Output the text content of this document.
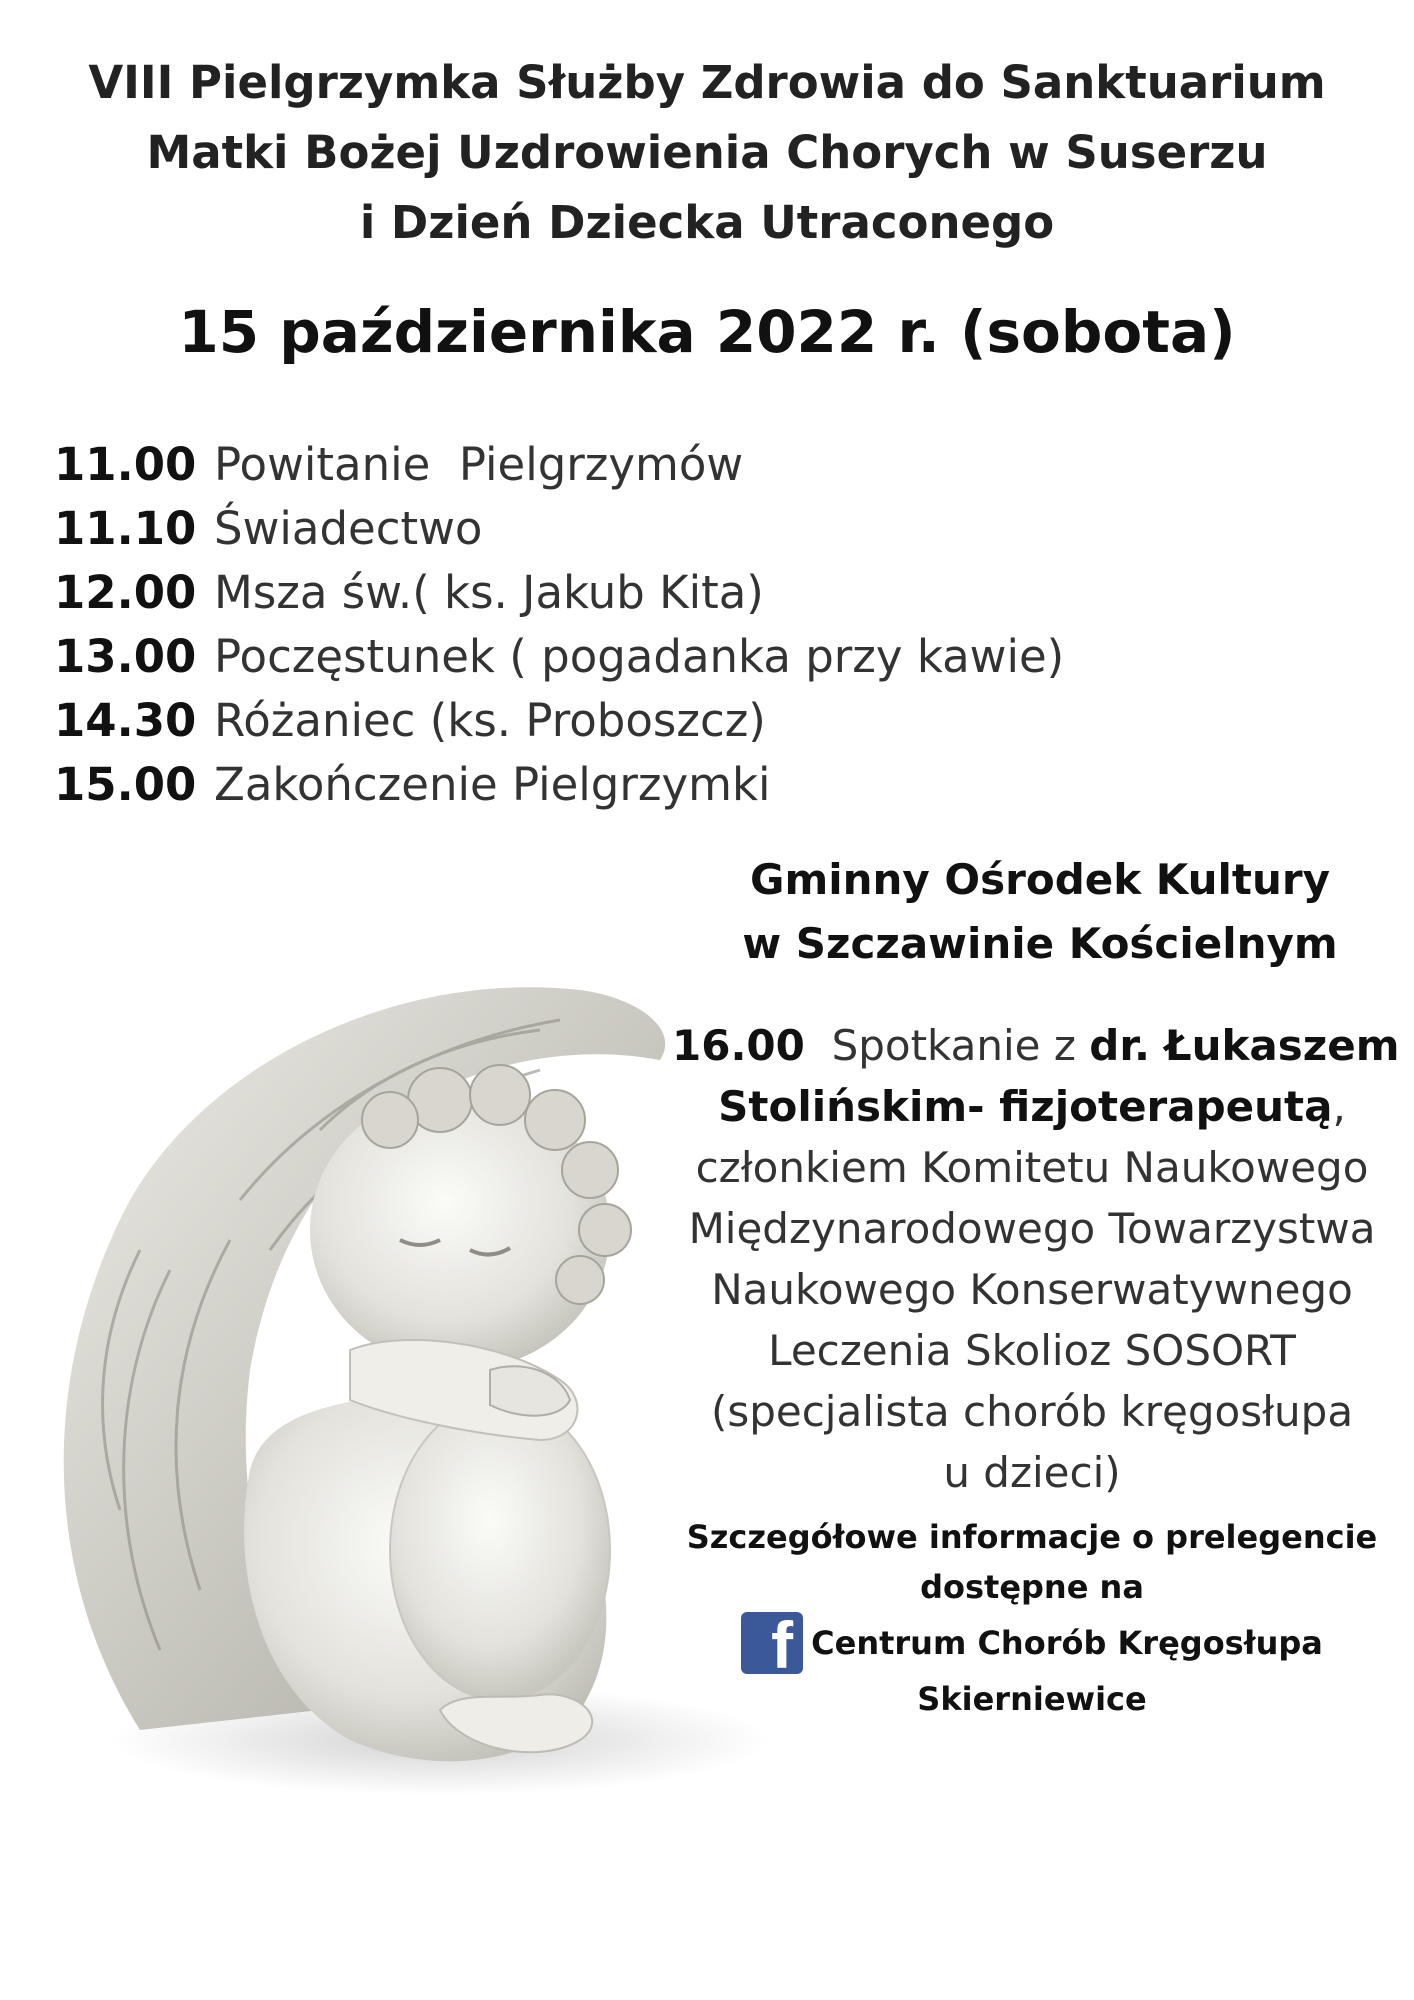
VIII Pielgrzymka Służby Zdrowia do Sanktuarium
Matki Bożej Uzdrowienia Chorych w Suserzu
i Dzień Dziecka Utraconego
15 października 2022 r. (sobota)
11.00 Powitanie  Pielgrzymów
11.10 Świadectwo
12.00 Msza św.( ks. Jakub Kita)
13.00 Poczęstunek ( pogadanka przy kawie)
14.30 Różaniec (ks. Proboszcz)
15.00 Zakończenie Pielgrzymki
Gminny Ośrodek Kultury
w Szczawinie Kościelnym
16.00 Spotkanie z dr. Łukaszem
Stolińskim- fizjoterapeutą,
członkiem Komitetu Naukowego
Międzynarodowego Towarzystwa
Naukowego Konserwatywnego
Leczenia Skolioz SOSORT
(specjalista chorób kręgosłupa
u dzieci)
Szczegółowe informacje o prelegencie
dostępne na
f Centrum Chorób Kręgosłupa
Skierniewice
